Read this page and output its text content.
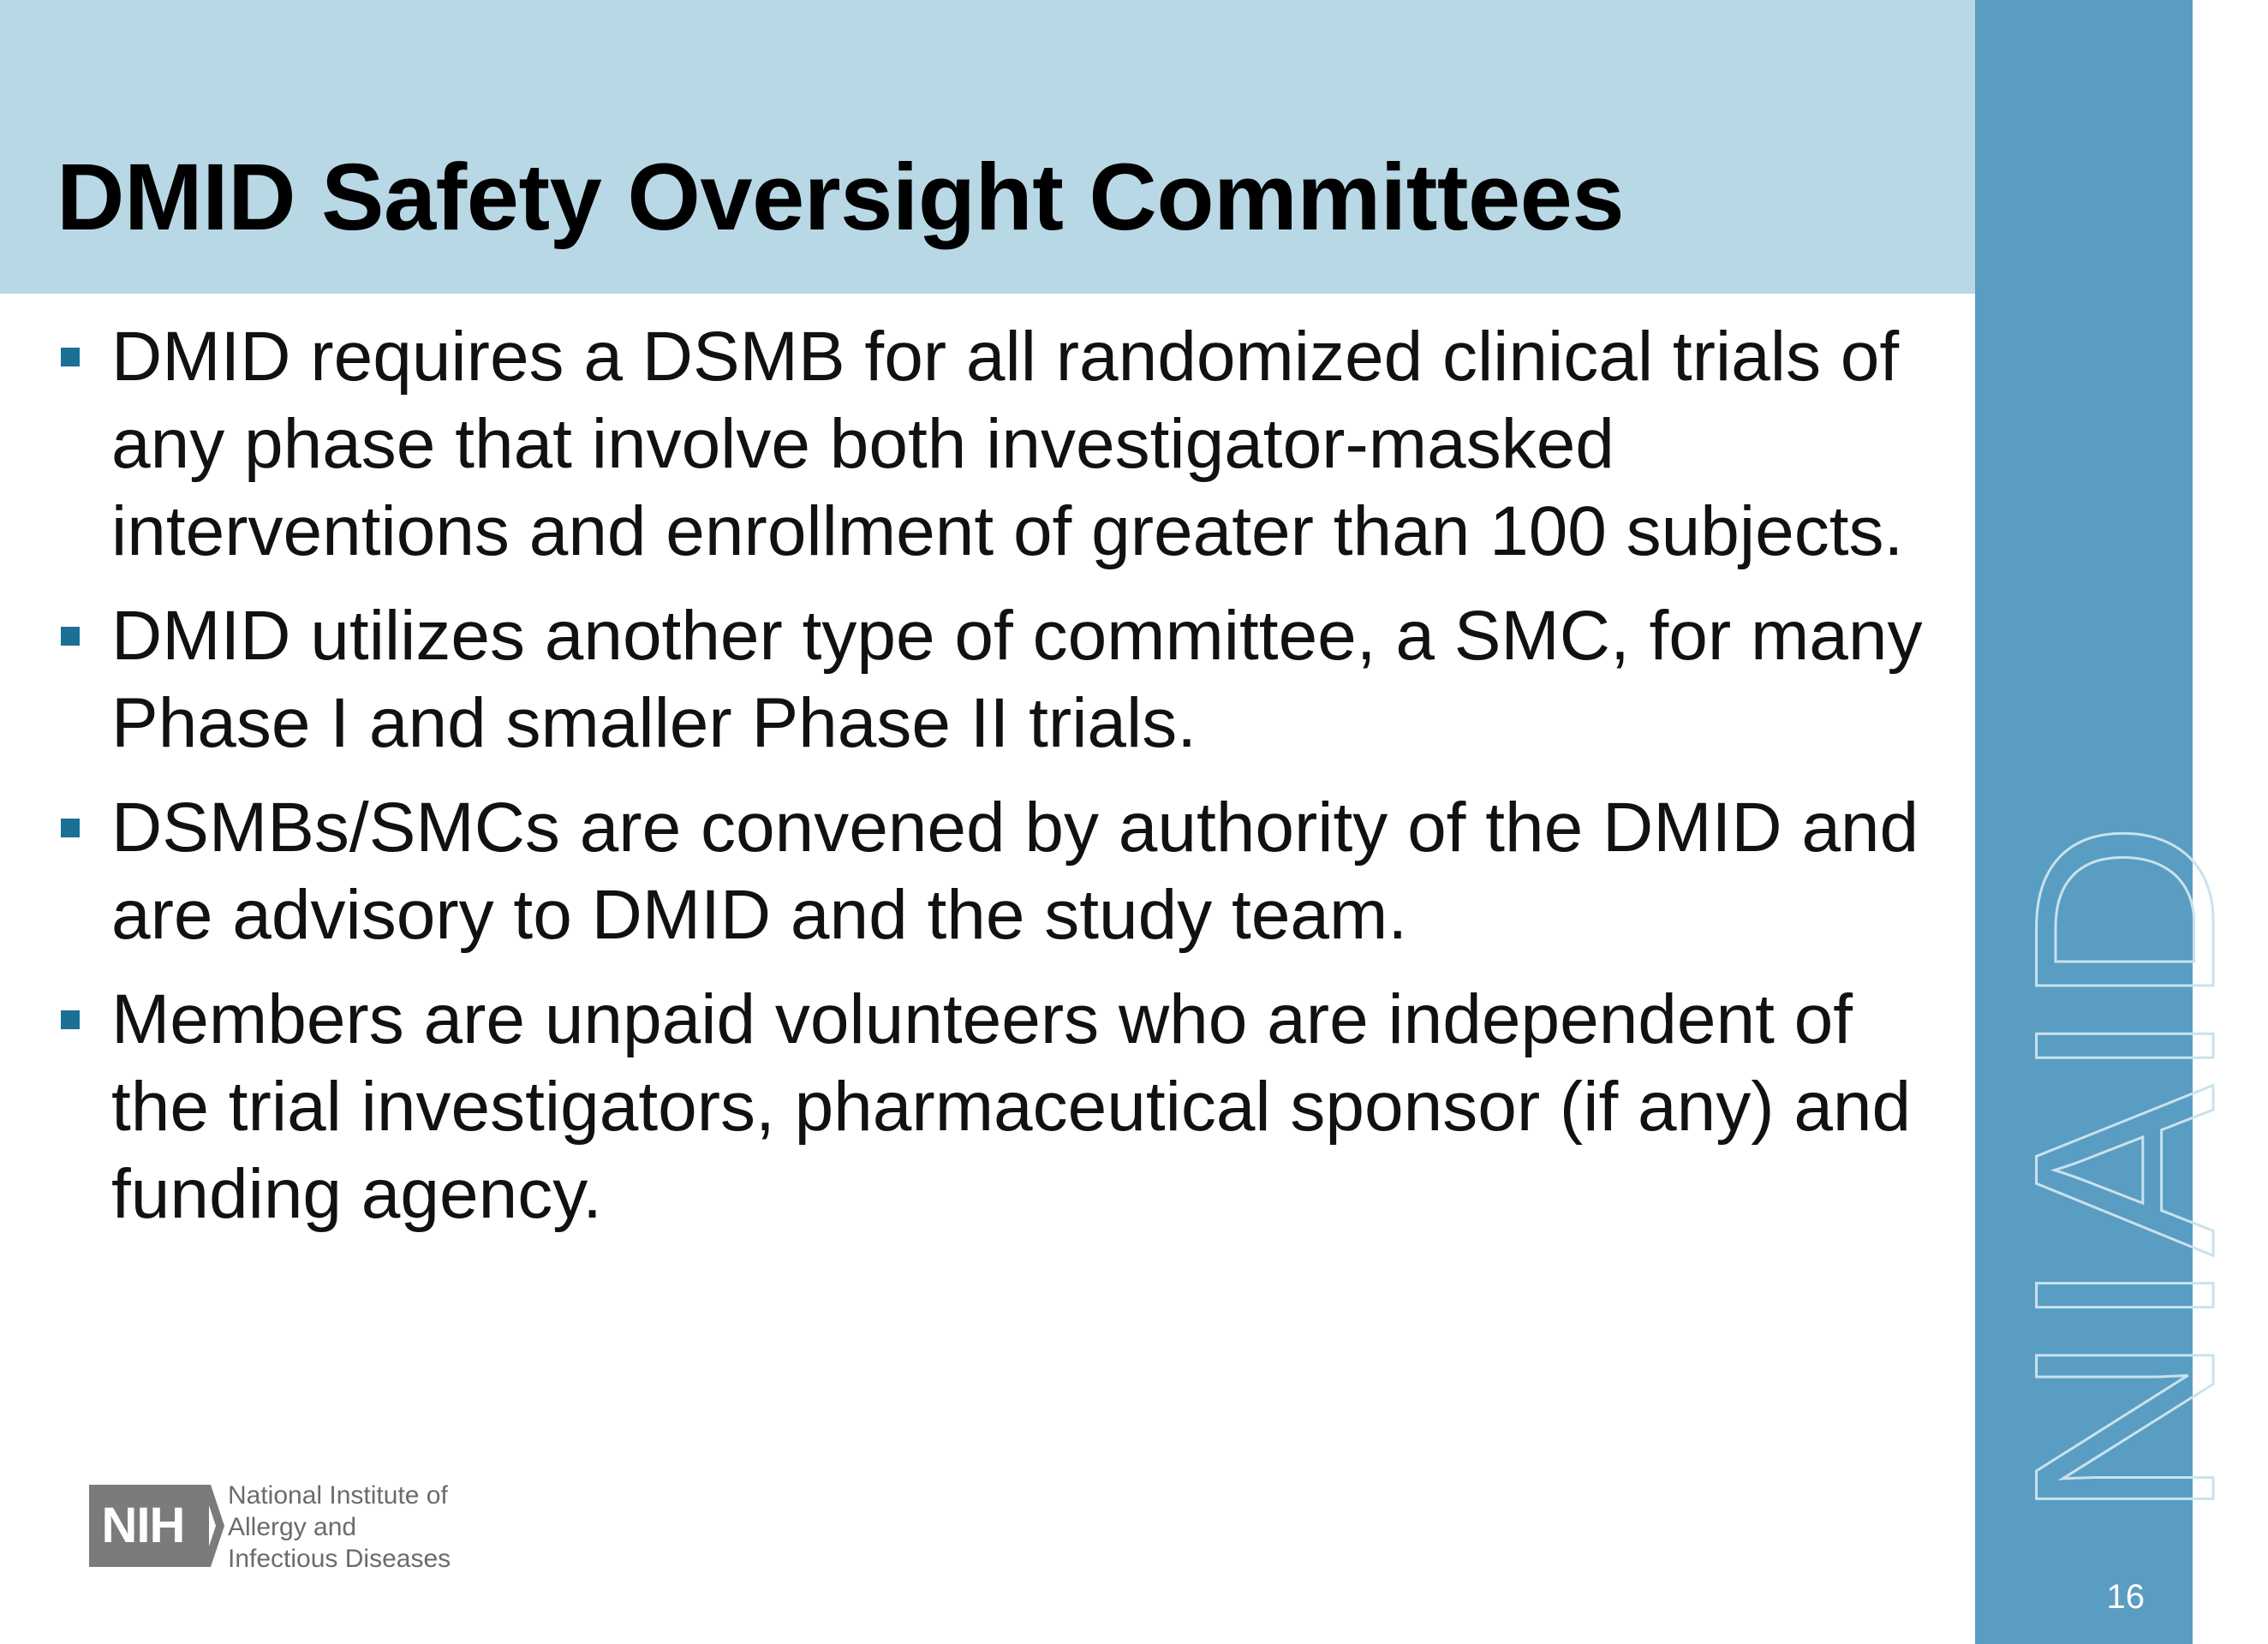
DMID Safety Oversight Committees
NIAID
16
DMID requires a DSMB for all randomized clinical trials of any phase that involve both investigator-masked interventions and enrollment of greater than 100 subjects.
DMID utilizes another type of committee, a SMC, for many Phase I and smaller Phase II trials.
DSMBs/SMCs are convened by authority of the DMID and are advisory to DMID and the study team.
Members are unpaid volunteers who are independent of the trial investigators, pharmaceutical sponsor (if any) and funding agency.
NIH
National Institute of
Allergy and
Infectious Diseases
